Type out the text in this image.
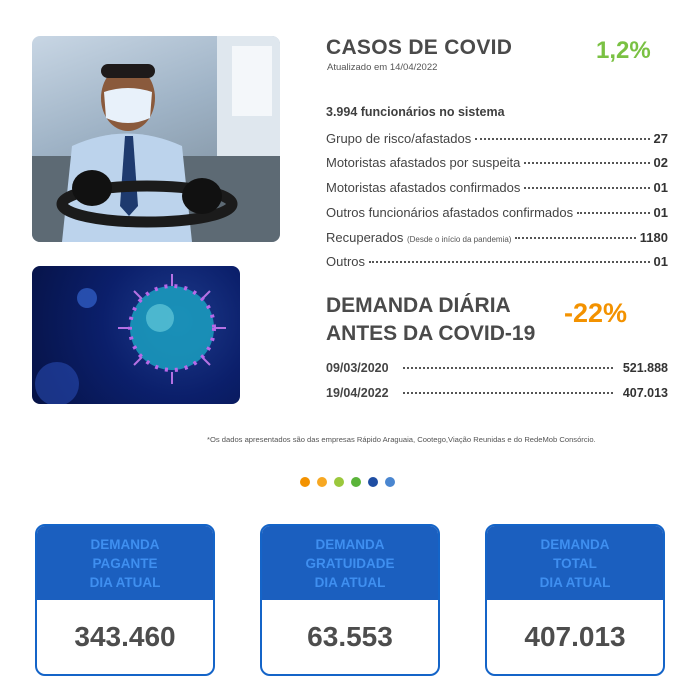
CASOS DE COVID
Atualizado em 14/04/2022
1,2%
3.994 funcionários no sistema
Grupo de risco/afastados	27
Motoristas afastados por suspeita	02
Motoristas afastados confirmados	01
Outros funcionários afastados confirmados	01
Recuperados (Desde o início da pandemia)	1180
Outros	01
DEMANDA DIÁRIA
ANTES DA COVID-19
-22%
09/03/2020	521.888
19/04/2022	407.013
*Os dados apresentados são das empresas Rápido Araguaia, Cootego,Viação Reunidas e do RedeMob Consórcio.
DEMANDA
PAGANTE
DIA ATUAL
343.460
DEMANDA
GRATUIDADE
DIA ATUAL
63.553
DEMANDA
TOTAL
DIA ATUAL
407.013
